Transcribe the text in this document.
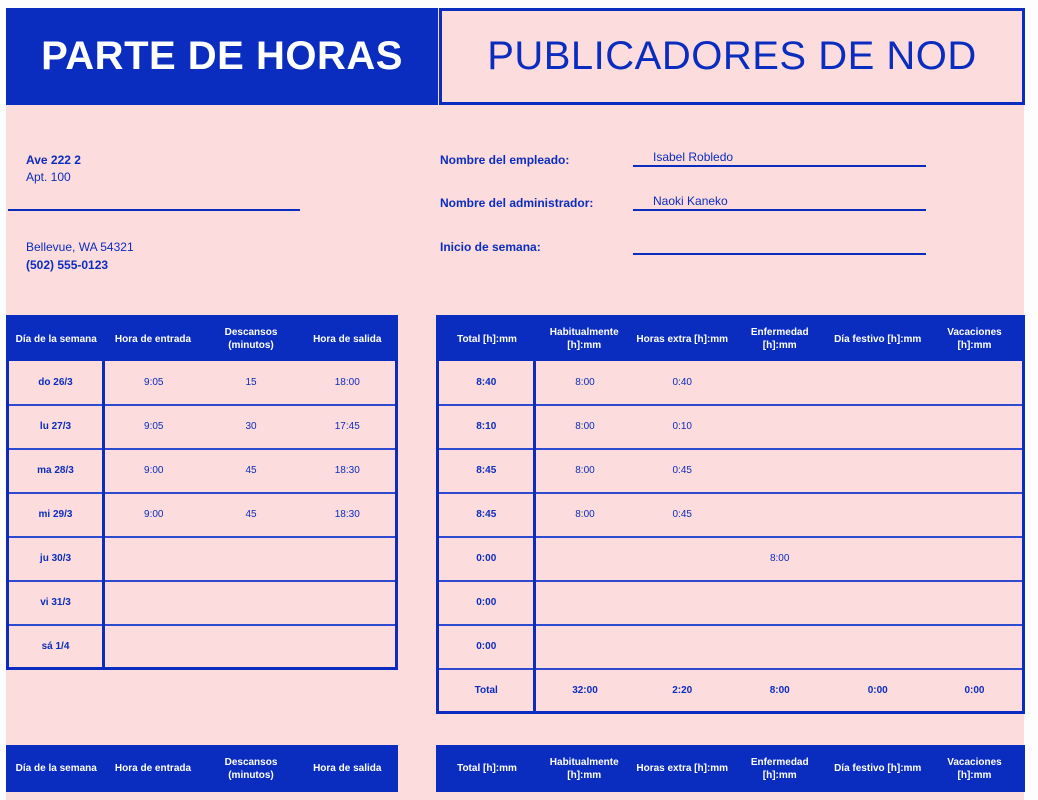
PARTE DE HORAS	PUBLICADORES DE NOD
Ave 222 2
Apt. 100
Bellevue, WA 54321
(502) 555-0123
Nombre del empleado:	Isabel Robledo
Nombre del administrador:	Naoki Kaneko
Inicio de semana:
Día de la semana	Hora de entrada	Descansos (minutos)	Hora de salida
do 26/3	9:05	15	18:00
lu 27/3	9:05	30	17:45
ma 28/3	9:00	45	18:30
mi 29/3	9:00	45	18:30
ju 30/3			
vi 31/3			
sá 1/4			
Total [h]:mm	Habitualmente [h]:mm	Horas extra [h]:mm	Enfermedad [h]:mm	Día festivo [h]:mm	Vacaciones [h]:mm
8:40	8:00	0:40			
8:10	8:00	0:10			
8:45	8:00	0:45			
8:45	8:00	0:45			
0:00			8:00		
0:00					
0:00					
Total	32:00	2:20	8:00	0:00	0:00
Día de la semana	Hora de entrada	Descansos (minutos)	Hora de salida	Total [h]:mm	Habitualmente [h]:mm	Horas extra [h]:mm	Enfermedad [h]:mm	Día festivo [h]:mm	Vacaciones [h]:mm
